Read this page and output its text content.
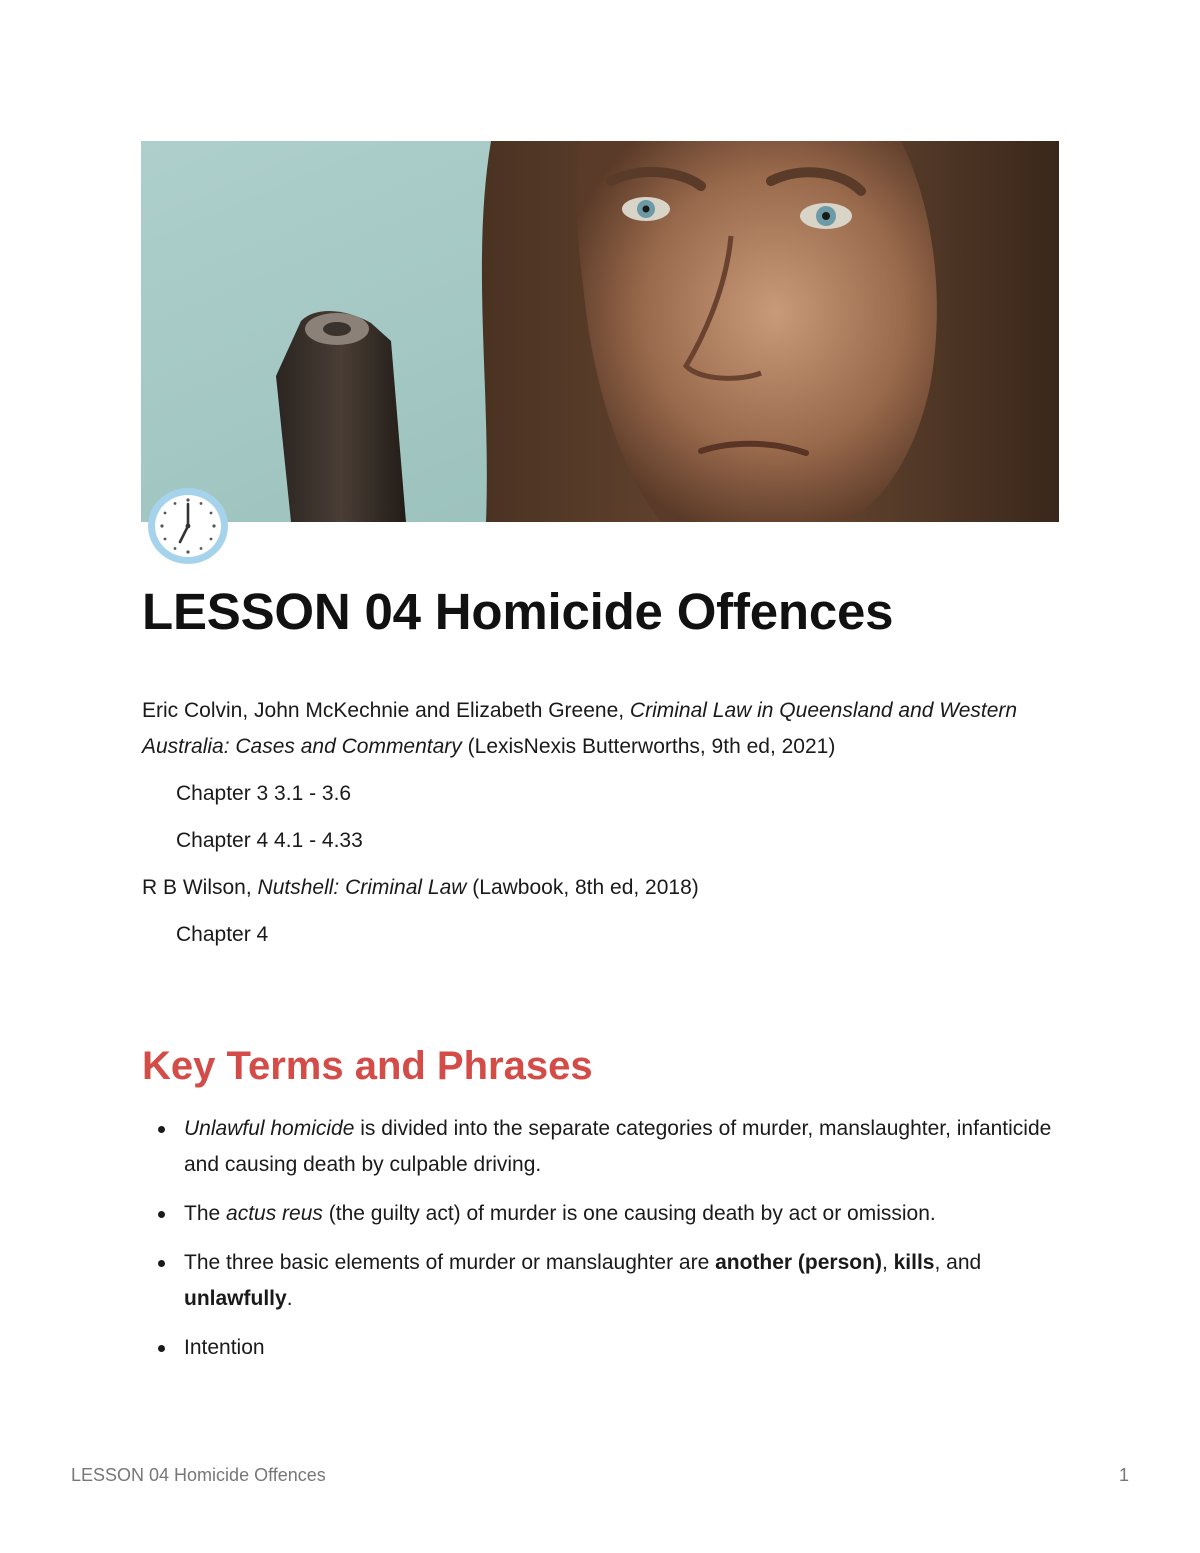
LESSON 04 Homicide Offences

Eric Colvin, John McKechnie and Elizabeth Greene, Criminal Law in Queensland and Western Australia: Cases and Commentary (LexisNexis Butterworths, 9th ed, 2021)

Chapter 3 3.1 - 3.6

Chapter 4 4.1 - 4.33

R B Wilson, Nutshell: Criminal Law (Lawbook, 8th ed, 2018)

Chapter 4

Key Terms and Phrases
Unlawful homicide is divided into the separate categories of murder, manslaughter, infanticide and causing death by culpable driving.
The actus reus (the guilty act) of murder is one causing death by act or omission.
The three basic elements of murder or manslaughter are another (person), kills, and unlawfully.
Intention
LESSON 04 Homicide Offences	1
